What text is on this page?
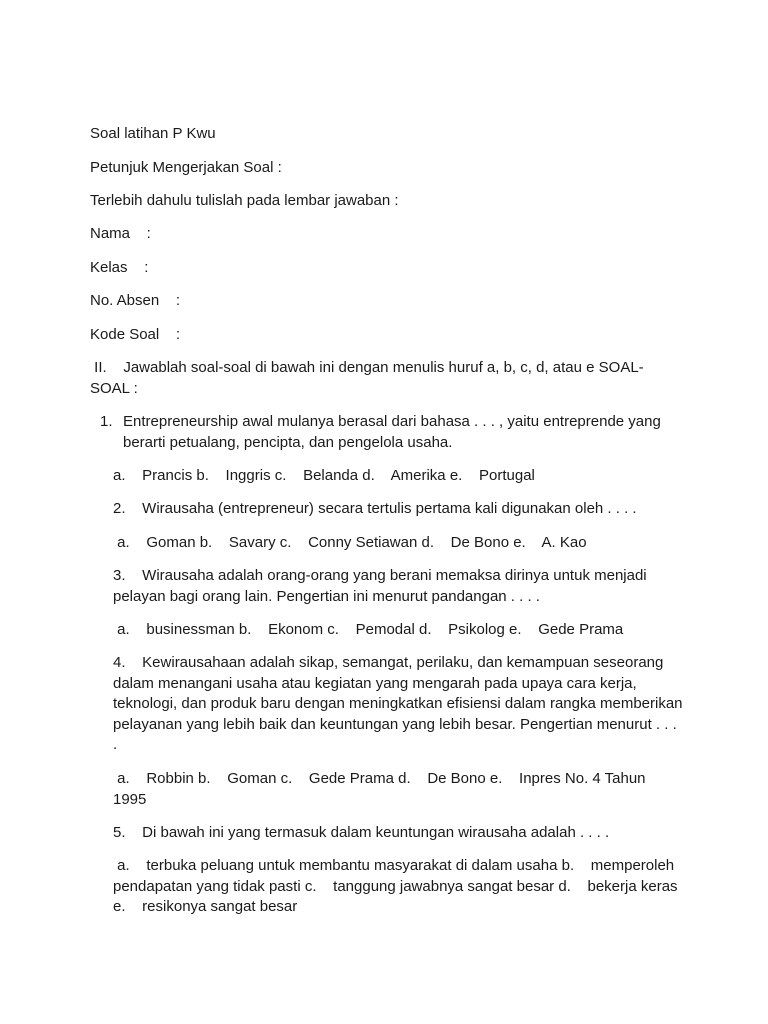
Soal latihan P Kwu
Petunjuk Mengerjakan Soal :
Terlebih dahulu tulislah pada lembar jawaban :
Nama    :
Kelas    :
No. Absen    :
Kode Soal    :
II.    Jawablah soal-soal di bawah ini dengan menulis huruf a, b, c, d, atau e SOAL-SOAL :
1. Entrepreneurship awal mulanya berasal dari bahasa . . . , yaitu entreprende yang berarti petualang, pencipta, dan pengelola usaha.
a.    Prancis b.    Inggris c.    Belanda d.    Amerika e.    Portugal
2.    Wirausaha (entrepreneur) secara tertulis pertama kali digunakan oleh . . . .
a.    Goman b.    Savary c.    Conny Setiawan d.    De Bono e.    A. Kao
3.    Wirausaha adalah orang-orang yang berani memaksa dirinya untuk menjadi pelayan bagi orang lain. Pengertian ini menurut pandangan . . . .
a.    businessman b.    Ekonom c.    Pemodal d.    Psikolog e.    Gede Prama
4.    Kewirausahaan adalah sikap, semangat, perilaku, dan kemampuan seseorang dalam menangani usaha atau kegiatan yang mengarah pada upaya cara kerja, teknologi, dan produk baru dengan meningkatkan efisiensi dalam rangka memberikan pelayanan yang lebih baik dan keuntungan yang lebih besar. Pengertian menurut . . . .
a.    Robbin b.    Goman c.    Gede Prama d.    De Bono e.    Inpres No. 4 Tahun 1995
5.    Di bawah ini yang termasuk dalam keuntungan wirausaha adalah . . . .
a.    terbuka peluang untuk membantu masyarakat di dalam usaha b.    memperoleh pendapatan yang tidak pasti c.    tanggung jawabnya sangat besar d.    bekerja keras e.    resikonya sangat besar
